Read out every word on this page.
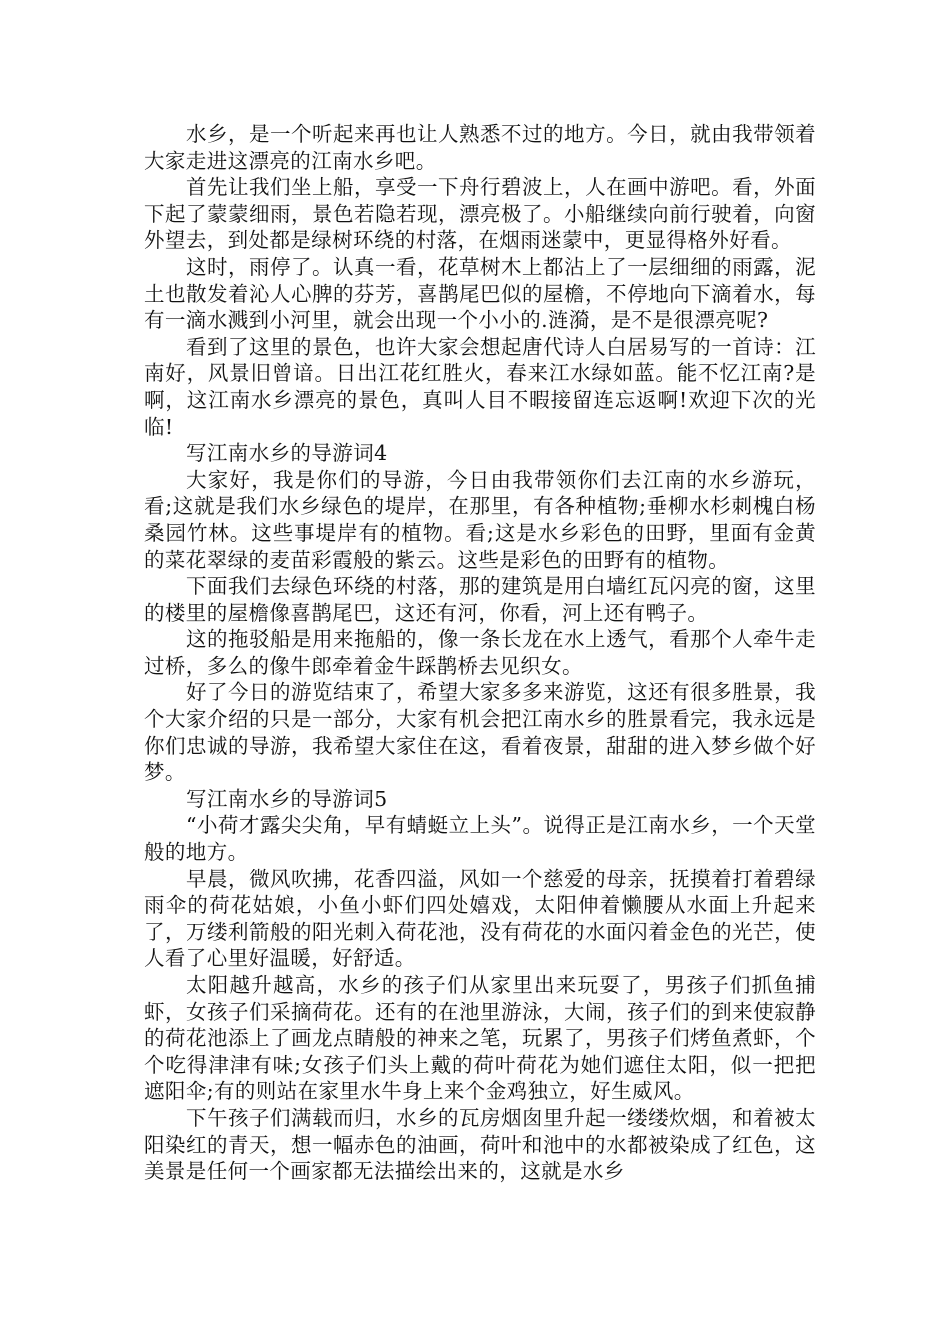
水乡，是一个听起来再也让人熟悉不过的地方。今日，就由我带领着大家走进这漂亮的江南水乡吧。

首先让我们坐上船，享受一下舟行碧波上，人在画中游吧。看，外面下起了蒙蒙细雨，景色若隐若现，漂亮极了。小船继续向前行驶着，向窗外望去，到处都是绿树环绕的村落，在烟雨迷蒙中，更显得格外好看。

这时，雨停了。认真一看，花草树木上都沾上了一层细细的雨露，泥土也散发着沁人心脾的芬芳，喜鹊尾巴似的屋檐，不停地向下滴着水，每有一滴水溅到小河里，就会出现一个小小的.涟漪，是不是很漂亮呢?

看到了这里的景色，也许大家会想起唐代诗人白居易写的一首诗：江南好，风景旧曾谙。日出江花红胜火，春来江水绿如蓝。能不忆江南?是啊，这江南水乡漂亮的景色，真叫人目不暇接留连忘返啊!欢迎下次的光临!

写江南水乡的导游词4

大家好，我是你们的导游，今日由我带领你们去江南的水乡游玩，看;这就是我们水乡绿色的堤岸，在那里，有各种植物;垂柳水杉刺槐白杨桑园竹林。这些事堤岸有的植物。看;这是水乡彩色的田野，里面有金黄的菜花翠绿的麦苗彩霞般的紫云。这些是彩色的田野有的植物。

下面我们去绿色环绕的村落，那的建筑是用白墙红瓦闪亮的窗，这里的楼里的屋檐像喜鹊尾巴，这还有河，你看，河上还有鸭子。

这的拖驳船是用来拖船的，像一条长龙在水上透气，看那个人牵牛走过桥，多么的像牛郎牵着金牛踩鹊桥去见织女。

好了今日的游览结束了，希望大家多多来游览，这还有很多胜景，我个大家介绍的只是一部分，大家有机会把江南水乡的胜景看完，我永远是你们忠诚的导游，我希望大家住在这，看着夜景，甜甜的进入梦乡做个好梦。

写江南水乡的导游词5

“小荷才露尖尖角，早有蜻蜓立上头”。说得正是江南水乡，一个天堂般的地方。

早晨，微风吹拂，花香四溢，风如一个慈爱的母亲，抚摸着打着碧绿雨伞的荷花姑娘，小鱼小虾们四处嬉戏，太阳伸着懒腰从水面上升起来了，万缕利箭般的阳光刺入荷花池，没有荷花的水面闪着金色的光芒，使人看了心里好温暖，好舒适。

太阳越升越高，水乡的孩子们从家里出来玩耍了，男孩子们抓鱼捕虾，女孩子们采摘荷花。还有的在池里游泳，大闹，孩子们的到来使寂静的荷花池添上了画龙点睛般的神来之笔，玩累了，男孩子们烤鱼煮虾，个个吃得津津有味;女孩子们头上戴的荷叶荷花为她们遮住太阳，似一把把遮阳伞;有的则站在家里水牛身上来个金鸡独立，好生威风。

下午孩子们满载而归，水乡的瓦房烟囱里升起一缕缕炊烟，和着被太阳染红的青天，想一幅赤色的油画，荷叶和池中的水都被染成了红色，这美景是任何一个画家都无法描绘出来的，这就是水乡
